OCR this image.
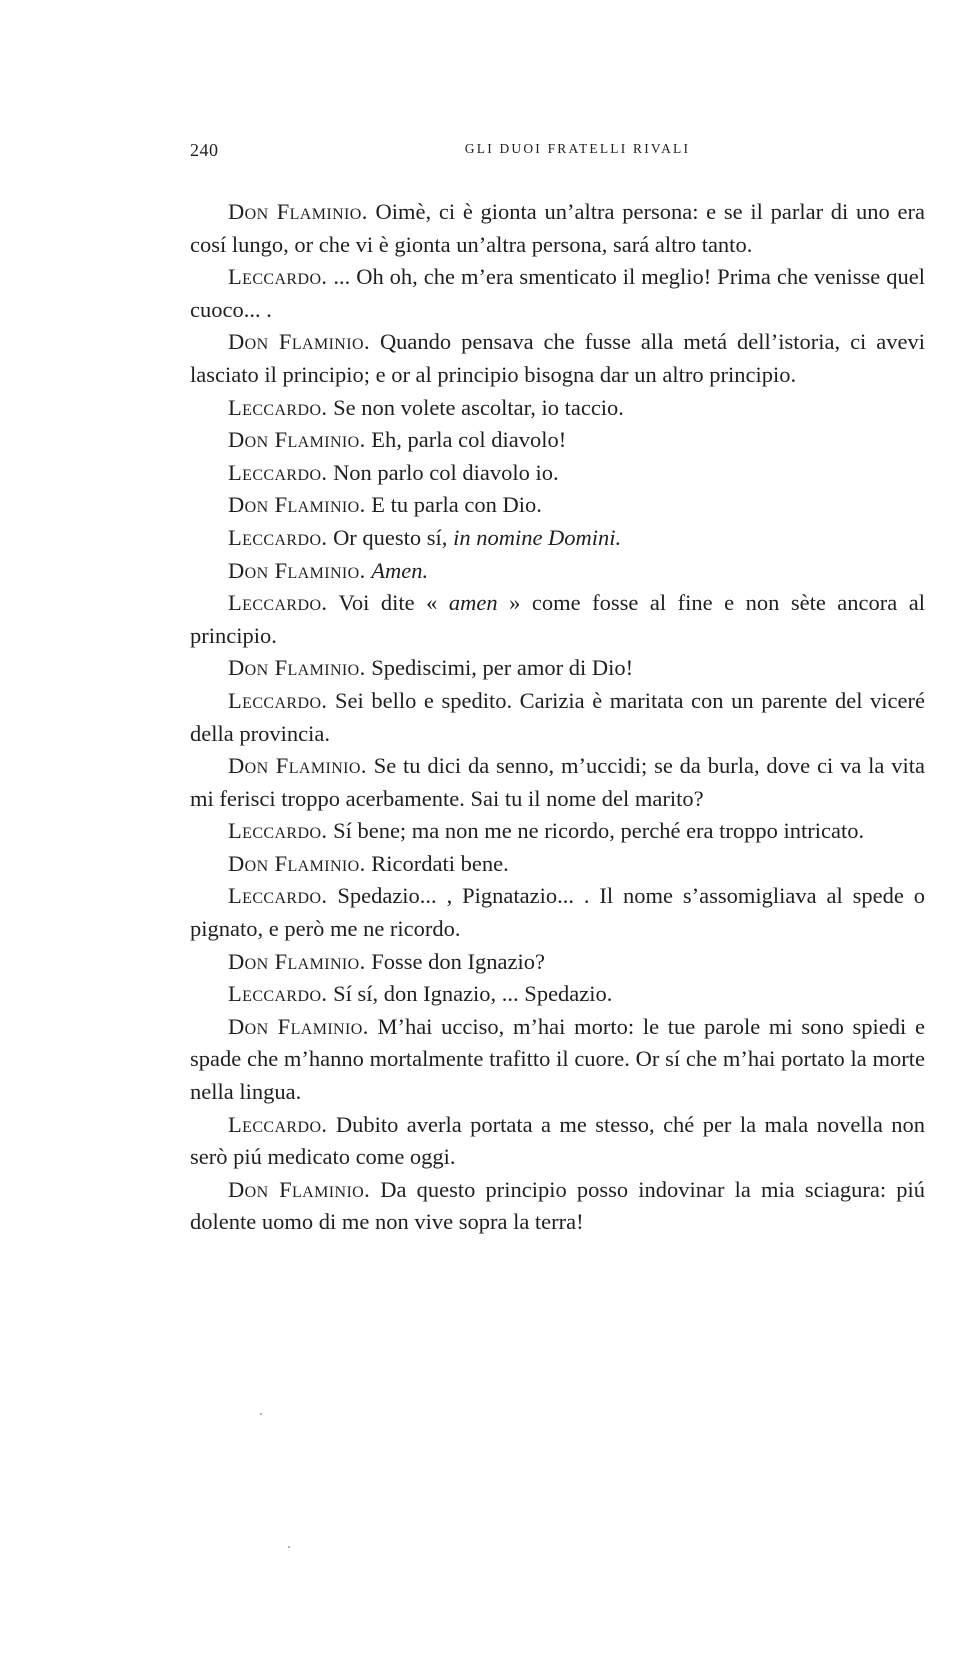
240	GLI DUOI FRATELLI RIVALI

Don Flaminio. Oimè, ci è gionta un’altra persona: e se il parlar di uno era cosí lungo, or che vi è gionta un’altra persona, sará altro tanto.

Leccardo. ... Oh oh, che m’era smenticato il meglio! Prima che venisse quel cuoco... .

Don Flaminio. Quando pensava che fusse alla metá dell’istoria, ci avevi lasciato il principio; e or al principio bisogna dar un altro principio.

Leccardo. Se non volete ascoltar, io taccio.

Don Flaminio. Eh, parla col diavolo!

Leccardo. Non parlo col diavolo io.

Don Flaminio. E tu parla con Dio.

Leccardo. Or questo sí, in nomine Domini.

Don Flaminio. Amen.

Leccardo. Voi dite « amen » come fosse al fine e non sète ancora al principio.

Don Flaminio. Spediscimi, per amor di Dio!

Leccardo. Sei bello e spedito. Carizia è maritata con un parente del viceré della provincia.

Don Flaminio. Se tu dici da senno, m’uccidi; se da burla, dove ci va la vita mi ferisci troppo acerbamente. Sai tu il nome del marito?

Leccardo. Sí bene; ma non me ne ricordo, perché era troppo intricato.

Don Flaminio. Ricordati bene.

Leccardo. Spedazio... , Pignatazio... . Il nome s’assomigliava al spede o pignato, e però me ne ricordo.

Don Flaminio. Fosse don Ignazio?

Leccardo. Sí sí, don Ignazio, ... Spedazio.

Don Flaminio. M’hai ucciso, m’hai morto: le tue parole mi sono spiedi e spade che m’hanno mortalmente trafitto il cuore. Or sí che m’hai portato la morte nella lingua.

Leccardo. Dubito averla portata a me stesso, ché per la mala novella non serò piú medicato come oggi.

Don Flaminio. Da questo principio posso indovinar la mia sciagura: piú dolente uomo di me non vive sopra la terra!
